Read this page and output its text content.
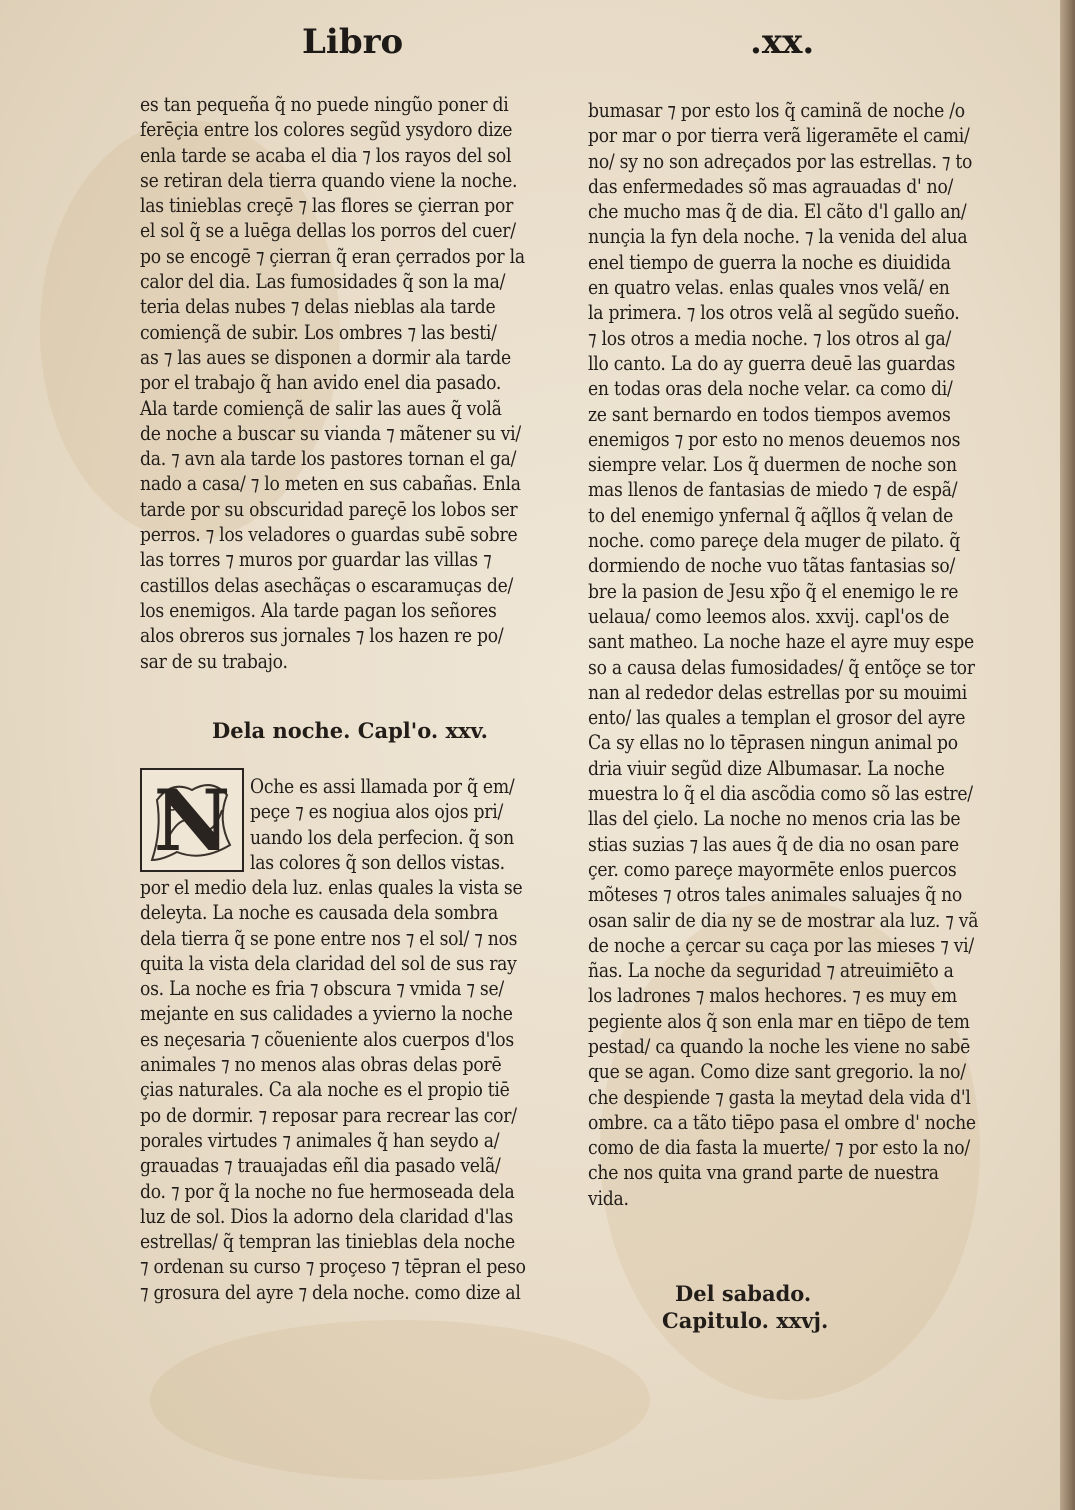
Libro	.xx.
es tan pequeña q̃ no puede ningũo poner di
ferēçia entre los colores segũd ysydoro dize
enla tarde se acaba el dia ⁊ los rayos del sol
se retiran dela tierra quando viene la noche.
las tinieblas creçē ⁊ las flores se çierran por
el sol q̃ se a luēga dellas los porros del cuer/
po se encogē ⁊ çierran q̃ eran çerrados por la
calor del dia. Las fumosidades q̃ son la ma/
teria delas nubes ⁊ delas nieblas ala tarde
comiençã de subir. Los ombres ⁊ las besti/
as ⁊ las aues se disponen a dormir ala tarde
por el trabajo q̃ han avido enel dia pasado.
Ala tarde comiençã de salir las aues q̃ volã
de noche a buscar su vianda ⁊ mãtener su vi/
da. ⁊ avn ala tarde los pastores tornan el ga/
nado a casa/ ⁊ lo meten en sus cabañas. Enla
tarde por su obscuridad pareçē los lobos ser
perros. ⁊ los veladores o guardas subē sobre
las torres ⁊ muros por guardar las villas ⁊
castillos delas asechãças o escaramuças de/
los enemigos. Ala tarde pagan los señores
alos obreros sus jornales ⁊ los hazen re po/
sar de su trabajo.
Dela noche. Capl'o. xxv.
N Oche es assi llamada por q̃ em/
peçe ⁊ es nogiua alos ojos pri/
uando los dela perfecion. q̃ son
las colores q̃ son dellos vistas.
por el medio dela luz. enlas quales la vista se
deleyta. La noche es causada dela sombra
dela tierra q̃ se pone entre nos ⁊ el sol/ ⁊ nos
quita la vista dela claridad del sol de sus ray
os. La noche es fria ⁊ obscura ⁊ vmida ⁊ se/
mejante en sus calidades a yvierno la noche
es neçesaria ⁊ cõueniente alos cuerpos d'los
animales ⁊ no menos alas obras delas porē
çias naturales. Ca ala noche es el propio tiē
po de dormir. ⁊ reposar para recrear las cor/
porales virtudes ⁊ animales q̃ han seydo a/
grauadas ⁊ trauajadas eñl dia pasado velã/
do. ⁊ por q̃ la noche no fue hermoseada dela
luz de sol. Dios la adorno dela claridad d'las
estrellas/ q̃ tempran las tinieblas dela noche
⁊ ordenan su curso ⁊ proçeso ⁊ tēpran el peso
⁊ grosura del ayre ⁊ dela noche. como dize al
bumasar ⁊ por esto los q̃ caminã de noche /o
por mar o por tierra verã ligeramēte el cami/
no/ sy no son adreçados por las estrellas. ⁊ to
das enfermedades sõ mas agrauadas d' no/
che mucho mas q̃ de dia. El cãto d'l gallo an/
nunçia la fyn dela noche. ⁊ la venida del alua
enel tiempo de guerra la noche es diuidida
en quatro velas. enlas quales vnos velã/ en
la primera. ⁊ los otros velã al segũdo sueño.
⁊ los otros a media noche. ⁊ los otros al ga/
llo canto. La do ay guerra deuē las guardas
en todas oras dela noche velar. ca como di/
ze sant bernardo en todos tiempos avemos
enemigos ⁊ por esto no menos deuemos nos
siempre velar. Los q̃ duermen de noche son
mas llenos de fantasias de miedo ⁊ de espã/
to del enemigo ynfernal q̃ aq̃llos q̃ velan de
noche. como pareçe dela muger de pilato. q̃
dormiendo de noche vuo tãtas fantasias so/
bre la pasion de Jesu xp̃o q̃ el enemigo le re
uelaua/ como leemos alos. xxvij. capl'os de
sant matheo. La noche haze el ayre muy espe
so a causa delas fumosidades/ q̃ entõçe se tor
nan al rededor delas estrellas por su mouimi
ento/ las quales a templan el grosor del ayre
Ca sy ellas no lo tēprasen ningun animal po
dria viuir segũd dize Albumasar. La noche
muestra lo q̃ el dia ascõdia como sõ las estre/
llas del çielo. La noche no menos cria las be
stias suzias ⁊ las aues q̃ de dia no osan pare
çer. como pareçe mayormēte enlos puercos
mõteses ⁊ otros tales animales saluajes q̃ no
osan salir de dia ny se de mostrar ala luz. ⁊ vã
de noche a çercar su caça por las mieses ⁊ vi/
ñas. La noche da seguridad ⁊ atreuimiēto a
los ladrones ⁊ malos hechores. ⁊ es muy em
pegiente alos q̃ son enla mar en tiēpo de tem
pestad/ ca quando la noche les viene no sabē
que se agan. Como dize sant gregorio. la no/
che despiende ⁊ gasta la meytad dela vida d'l
ombre. ca a tãto tiēpo pasa el ombre d' noche
como de dia fasta la muerte/ ⁊ por esto la no/
che nos quita vna grand parte de nuestra
vida.
Del sabado.
Capitulo. xxvj.
